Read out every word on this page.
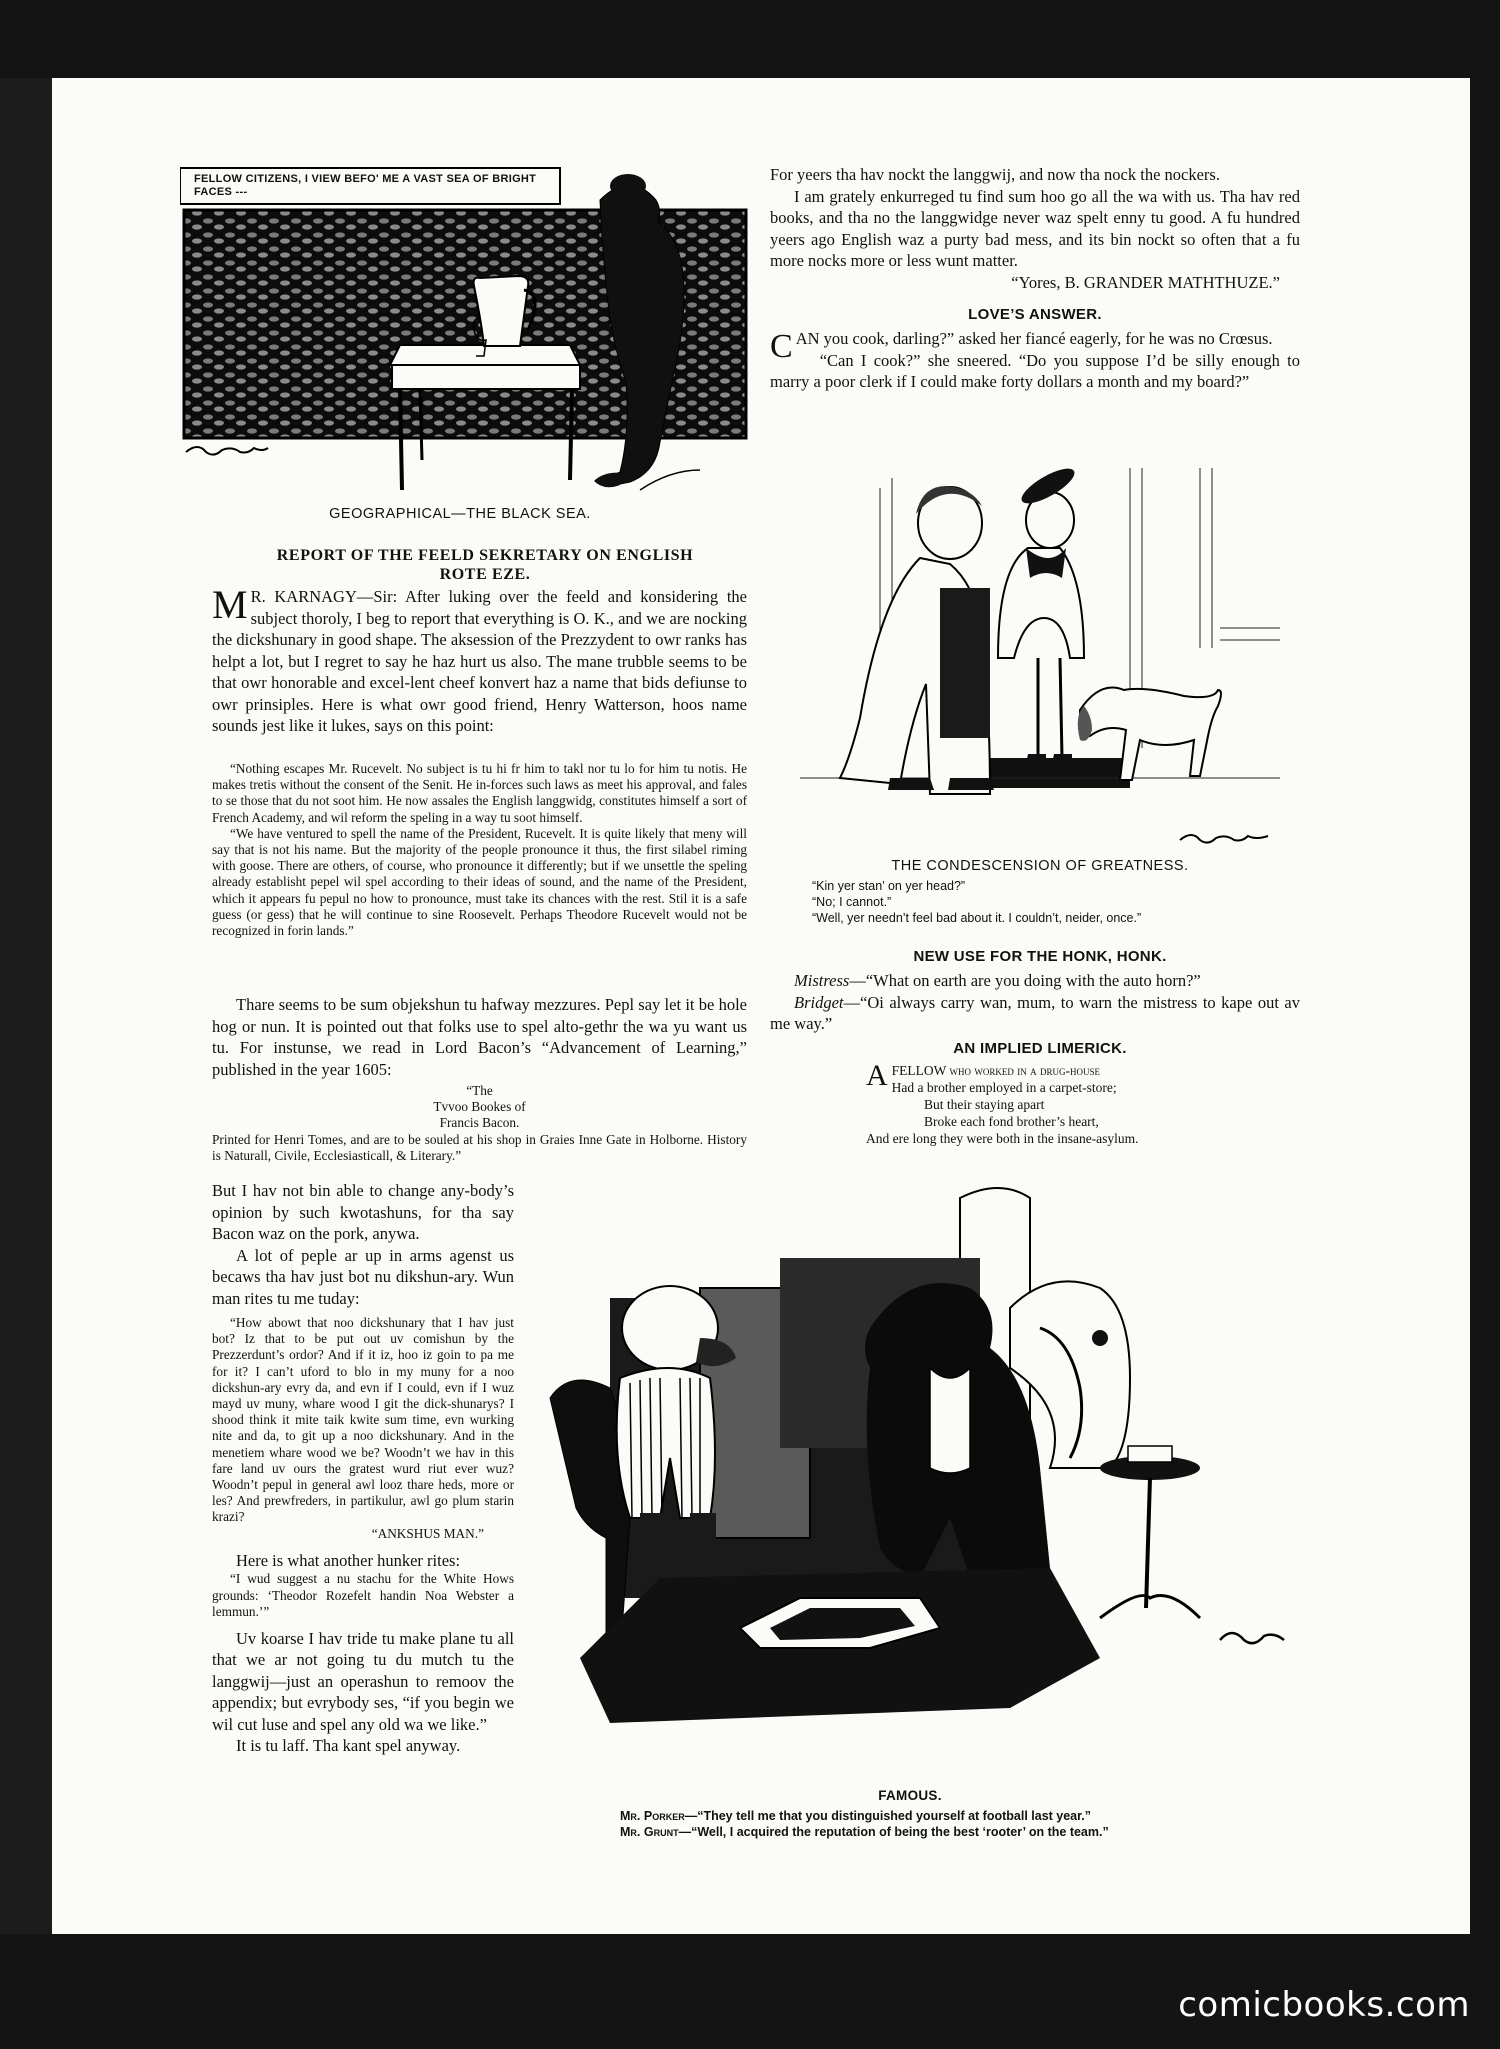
FELLOW CITIZENS, I VIEW BEFO' ME A VAST SEA OF BRIGHT FACES ---
GEOGRAPHICAL—THE BLACK SEA.
REPORT OF THE FEELD SEKRETARY ON ENGLISH
ROTE EZE.
M R. KARNAGY—Sir: After luking over the feeld and konsidering the subject thoroly, I beg to report that everything is O. K., and we are nocking the dickshunary in good shape. The aksession of the Prezzydent to owr ranks has helpt a lot, but I regret to say he haz hurt us also. The mane trubble seems to be that owr honorable and excel-lent cheef konvert haz a name that bids defiunse to owr prinsiples. Here is what owr good friend, Henry Watterson, hoos name sounds jest like it lukes, says on this point:

“Nothing escapes Mr. Rucevelt. No subject is tu hi fr him to takl nor tu lo for him tu notis. He makes tretis without the consent of the Senit. He in-forces such laws as meet his approval, and fales to se those that du not soot him. He now assales the English langgwidg, constitutes himself a sort of French Academy, and wil reform the speling in a way tu soot himself.

“We have ventured to spell the name of the President, Rucevelt. It is quite likely that meny will say that is not his name. But the majority of the people pronounce it thus, the first silabel riming with goose. There are others, of course, who pronounce it differently; but if we unsettle the speling already establisht pepel wil spel according to their ideas of sound, and the name of the President, which it appears fu pepul no how to pronounce, must take its chances with the rest. Stil it is a safe guess (or gess) that he will continue to sine Roosevelt. Perhaps Theodore Rucevelt would not be recognized in forin lands.”

Thare seems to be sum objekshun tu hafway mezzures. Pepl say let it be hole hog or nun. It is pointed out that folks use to spel alto-gethr the wa yu want us tu. For instunse, we read in Lord Bacon’s “Advancement of Learning,” published in the year 1605:

“The
Tvvoo Bookes of
Francis Bacon.
Printed for Henri Tomes, and are to be souled at his shop in Graies Inne Gate in Holborne. History is Naturall, Civile, Ecclesiasticall, & Literary.”

But I hav not bin able to change any-body’s opinion by such kwotashuns, for tha say Bacon waz on the pork, anywa.

A lot of peple ar up in arms agenst us becaws tha hav just bot nu dikshun-ary. Wun man rites tu me tuday:

“How abowt that noo dickshunary that I hav just bot? Iz that to be put out uv comishun by the Prezzerdunt’s ordor? And if it iz, hoo iz goin to pa me for it? I can’t uford to blo in my muny for a noo dickshun-ary evry da, and evn if I could, evn if I wuz mayd uv muny, whare wood I git the dick-shunarys? I shood think it mite taik kwite sum time, evn wurking nite and da, to git up a noo dickshunary. And in the menetiem whare wood we be? Woodn’t we hav in this fare land uv ours the gratest wurd riut ever wuz? Woodn’t pepul in general awl looz thare heds, more or les? And prewfreders, in partikulur, awl go plum starin krazi?

“ANKSHUS MAN.”

Here is what another hunker rites:

“I wud suggest a nu stachu for the White Hows grounds: ‘Theodor Rozefelt handin Noa Webster a lemmun.’”

Uv koarse I hav tride tu make plane tu all that we ar not going tu du mutch tu the langgwij—just an operashun to remoov the appendix; but evrybody ses, “if you begin we wil cut luse and spel any old wa we like.”

It is tu laff. Tha kant spel anyway.

For yeers tha hav nockt the langgwij, and now tha nock the nockers.

I am grately enkurreged tu find sum hoo go all the wa with us. Tha hav red books, and tha no the langgwidge never waz spelt enny tu good. A fu hundred yeers ago English waz a purty bad mess, and its bin nockt so often that a fu more nocks more or less wunt matter.

“Yores, B. GRANDER MATHTHUZE.”
LOVE’S ANSWER.
CAN you cook, darling?” asked her fiancé eagerly, for he was no Crœsus.

“Can I cook?” she sneered. “Do you suppose I’d be silly enough to marry a poor clerk if I could make forty dollars a month and my board?”

THE CONDESCENSION OF GREATNESS.
“Kin yer stan’ on yer head?”
“No; I cannot.”
“Well, yer needn’t feel bad about it. I couldn’t, neider, once.”
NEW USE FOR THE HONK, HONK.

Mistress—“What on earth are you doing with the auto horn?”

Bridget—“Oi always carry wan, mum, to warn the mistress to kape out av me way.”

AN IMPLIED LIMERICK.
AFELLOW who worked in a drug-house
Had a brother employed in a carpet-store;
But their staying apart
Broke each fond brother’s heart,
And ere long they were both in the insane-asylum.
FAMOUS.
Mr. Porker—“They tell me that you distinguished yourself at football last year.”
Mr. Grunt—“Well, I acquired the reputation of being the best ‘rooter’ on the team.”
comicbooks.com
